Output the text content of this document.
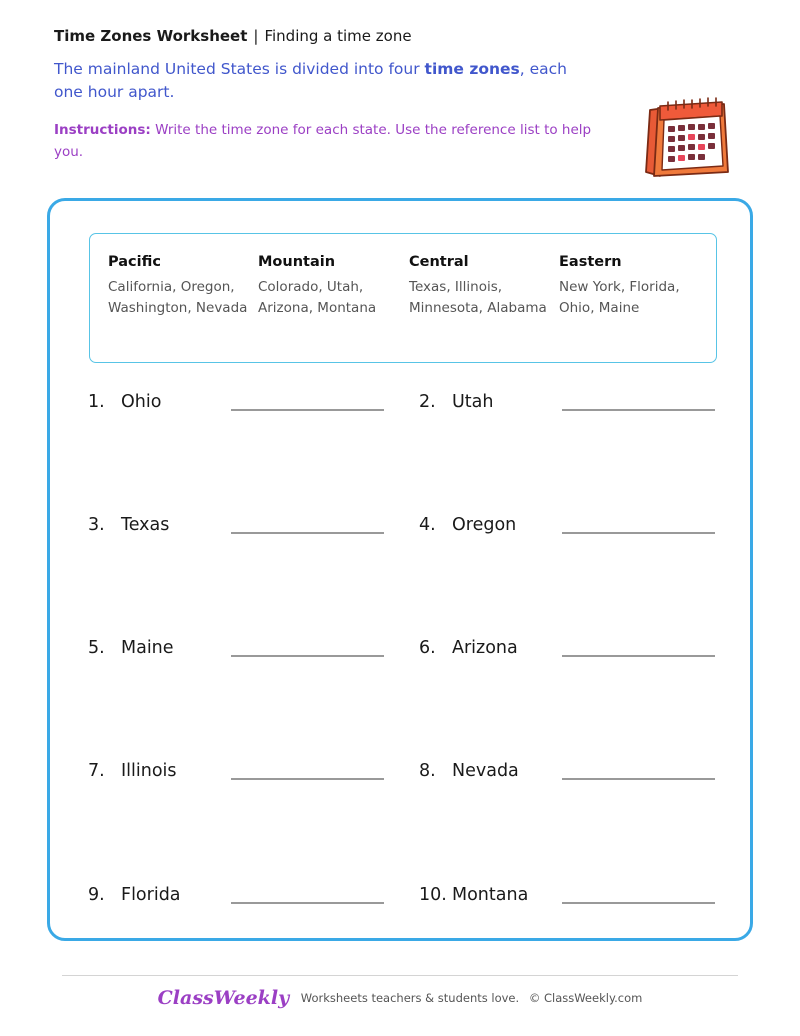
Time Zones Worksheet | Finding a time zone

The mainland United States is divided into four time zones, each one hour apart.

Instructions: Write the time zone for each state. Use the reference list to help you.

Pacific
California, Oregon, Washington, Nevada
Mountain
Colorado, Utah, Arizona, Montana
Central
Texas, Illinois, Minnesota, Alabama
Eastern
New York, Florida, Ohio, Maine
1. Ohio	2. Utah
3. Texas	4. Oregon
5. Maine	6. Arizona
7. Illinois	8. Nevada
9. Florida	10. Montana
ClassWeekly Worksheets teachers & students love. © ClassWeekly.com
